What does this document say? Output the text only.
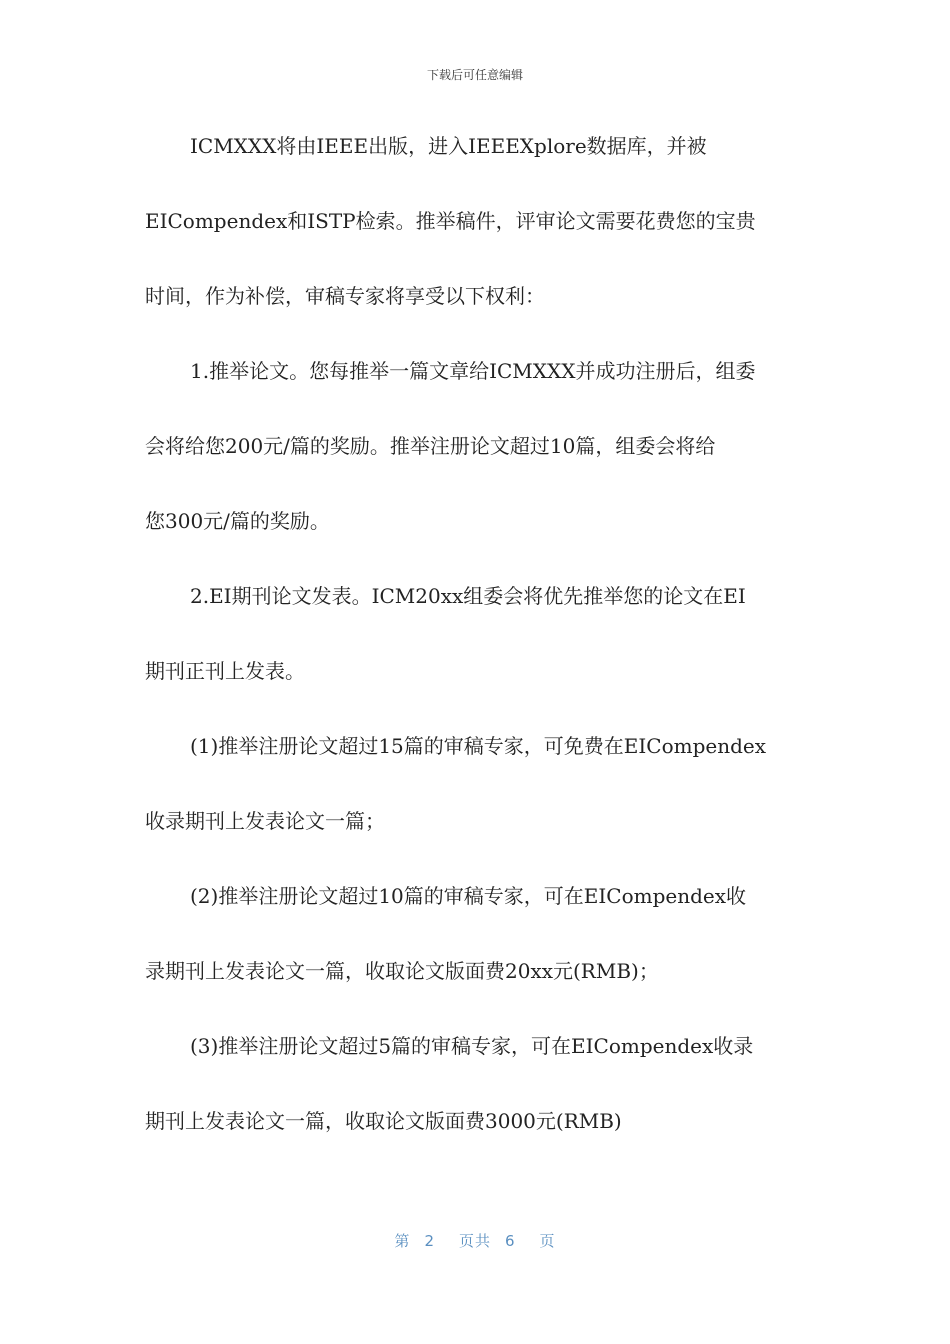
下载后可任意编辑
ICMXXX将由IEEE出版，进入IEEEXplore数据库，并被
EICompendex和ISTP检索。推举稿件，评审论文需要花费您的宝贵
时间，作为补偿，审稿专家将享受以下权利：
1.推举论文。您每推举一篇文章给ICMXXX并成功注册后，组委
会将给您200元/篇的奖励。推举注册论文超过10篇，组委会将给
您300元/篇的奖励。
2.EI期刊论文发表。ICM20xx组委会将优先推举您的论文在EI
期刊正刊上发表。
(1)推举注册论文超过15篇的审稿专家，可免费在EICompendex
收录期刊上发表论文一篇；
(2)推举注册论文超过10篇的审稿专家，可在EICompendex收
录期刊上发表论文一篇，收取论文版面费20xx元(RMB)；
(3)推举注册论文超过5篇的审稿专家，可在EICompendex收录
期刊上发表论文一篇，收取论文版面费3000元(RMB)
第 2 页共 6 页
